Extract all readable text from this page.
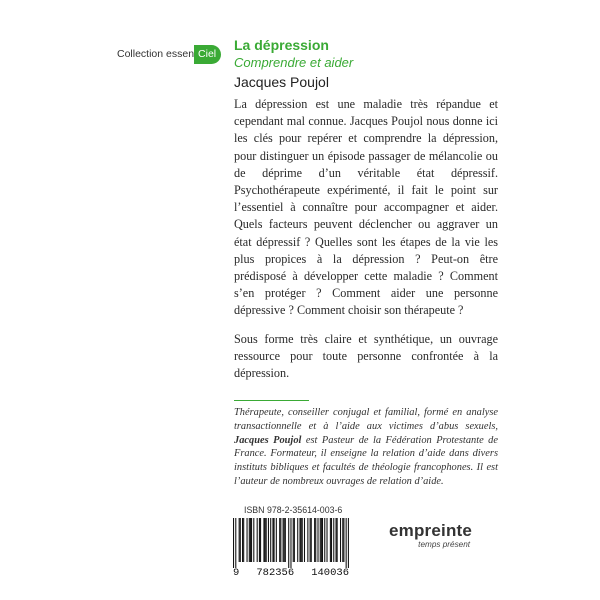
Collection essen Ciel
La dépression
Comprendre et aider
Jacques Poujol

La dépression est une maladie très répandue et cependant mal connue. Jacques Poujol nous donne ici les clés pour repérer et comprendre la dépression, pour distinguer un épisode passager de mélancolie ou de déprime d’un véritable état dépressif. Psychothérapeute expérimenté, il fait le point sur l’essentiel à connaître pour accompagner et aider. Quels facteurs peuvent déclencher ou aggraver un état dépressif ? Quelles sont les étapes de la vie les plus propices à la dépression ? Peut-on être prédisposé à développer cette maladie ? Comment s’en protéger ? Comment aider une personne dépressive ? Comment choisir son thérapeute ?

Sous forme très claire et synthétique, un ouvrage ressource pour toute personne confrontée à la dépression.

Thérapeute, conseiller conjugal et familial, formé en analyse transactionnelle et à l’aide aux victimes d’abus sexuels, Jacques Poujol est Pasteur de la Fédération Protestante de France. Formateur, il enseigne la relation d’aide dans divers instituts bibliques et facultés de théologie francophones. Il est l’auteur de nombreux ouvrages de relation d’aide.
ISBN 978-2-35614-003-6
9 782356 140036
empreinte
temps présent
